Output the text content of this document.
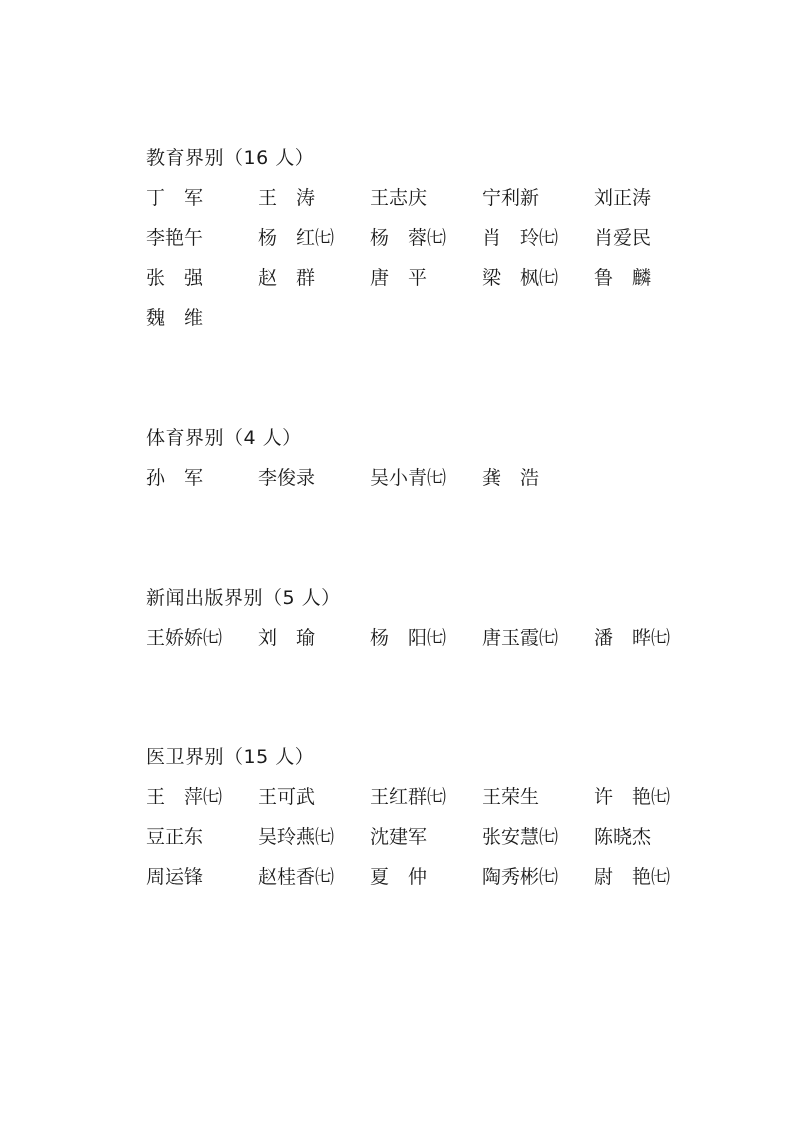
教育界别（16 人）
丁　军	王　涛	王志庆	宁利新	刘正涛
李艳午	杨　红㈦	杨　蓉㈦	肖　玲㈦	肖爱民
张　强	赵　群	唐　平	梁　枫㈦	鲁　麟
魏　维
体育界别（4 人）
孙　军	李俊录	吴小青㈦	龚　浩
新闻出版界别（5 人）
王娇娇㈦	刘　瑜	杨　阳㈦	唐玉霞㈦	潘　晔㈦
医卫界别（15 人）
王　萍㈦	王可武	王红群㈦	王荣生	许　艳㈦
豆正东	吴玲燕㈦	沈建军	张安慧㈦	陈晓杰
周运锋	赵桂香㈦	夏　仲	陶秀彬㈦	尉　艳㈦
